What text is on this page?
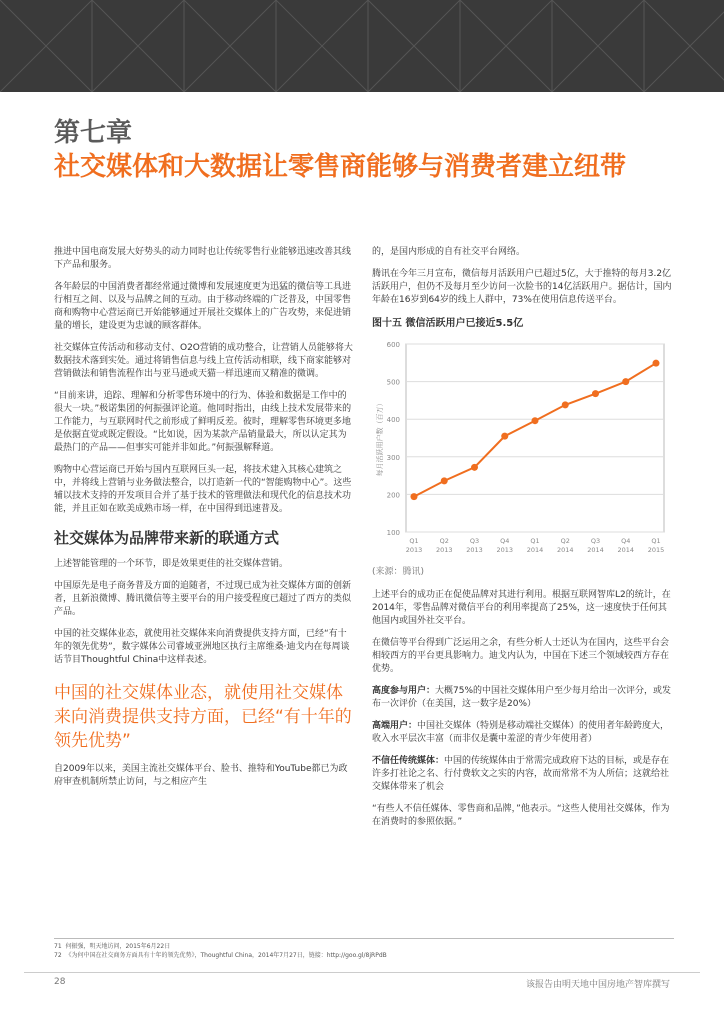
第七章
社交媒体和大数据让零售商能够与消费者建立纽带

推进中国电商发展大好势头的动力同时也让传统零售行业能够迅速改善其线下产品和服务。

各年龄层的中国消费者都经常通过微博和发展速度更为迅猛的微信等工具进行相互之间、以及与品牌之间的互动。由于移动终端的广泛普及，中国零售商和购物中心营运商已开始能够通过开展社交媒体上的广告攻势，来促进销量的增长，建设更为忠诚的顾客群体。

社交媒体宣传活动和移动支付、O2O营销的成功整合，让营销人员能够将大数据技术落到实处。通过将销售信息与线上宣传活动相联，线下商家能够对营销做法和销售流程作出与亚马逊或天猫一样迅速而又精准的微调。

“目前来讲，追踪、理解和分析零售环境中的行为、体验和数据是工作中的很大一块。”极诺集团的何振强评论道。他同时指出，由线上技术发展带来的工作能力，与互联网时代之前形成了鲜明反差。彼时，理解零售环境更多地是依据直觉或既定假设。“比如说，因为某款产品销量最大，所以认定其为最热门的产品——但事实可能并非如此。”何振强解释道。

购物中心营运商已开始与国内互联网巨头一起，将技术建入其核心建筑之中，并将线上营销与业务做法整合，以打造新一代的“智能购物中心”。这些辅以技术支持的开发项目合并了基于技术的管理做法和现代化的信息技术功能，并且正如在欧美成熟市场一样，在中国得到迅速普及。

社交媒体为品牌带来新的联通方式

上述智能管理的一个环节，即是效果更佳的社交媒体营销。

中国原先是电子商务普及方面的追随者，不过现已成为社交媒体方面的创新者，且新浪微博、腾讯微信等主要平台的用户接受程度已超过了西方的类似产品。

中国的社交媒体业态，就使用社交媒体来向消费提供支持方面，已经“有十年的领先优势”，数字媒体公司睿域亚洲地区执行主席维桑·迪戈内在每周谈话节目Thoughtful China中这样表述。

中国的社交媒体业态，就使用社交媒体来向消费提供支持方面，已经“有十年的领先优势”

自2009年以来，美国主流社交媒体平台、脸书、推特和YouTube都已为政府审查机制所禁止访问，与之相应产生

的，是国内形成的自有社交平台网络。

腾讯在今年三月宣布，微信每月活跃用户已超过5亿，大于推特的每月3.2亿活跃用户，但仍不及每月至少访问一次脸书的14亿活跃用户。据估计，国内年龄在16岁到64岁的线上人群中，73%在使用信息传送平台。

图十五 微信活跃用户已接近5.5亿
100
200
300
400
500
600
Q1
2013
Q2
2013
Q3
2013
Q4
2013
Q1
2014
Q2
2014
Q3
2014
Q4
2014
Q1
2015
每月活跃用户数（百万）
(来源：腾讯)

上述平台的成功正在促使品牌对其进行利用。根据互联网智库L2的统计，在2014年，零售品牌对微信平台的利用率提高了25%，这一速度快于任何其他国内或国外社交平台。

在微信等平台得到广泛运用之余，有些分析人士还认为在国内，这些平台会相较西方的平台更具影响力。迪戈内认为，中国在下述三个领域较西方存在优势。

高度参与用户：大概75%的中国社交媒体用户至少每月给出一次评分，或发布一次评价（在美国，这一数字是20%）

高端用户：中国社交媒体（特别是移动端社交媒体）的使用者年龄跨度大，收入水平层次丰富（而非仅是囊中羞涩的青少年使用者）

不信任传统媒体：中国的传统媒体由于常需完成政府下达的目标，或是存在许多打社论之名、行付费软文之实的内容，故而常常不为人所信；这就给社交媒体带来了机会

“有些人不信任媒体、零售商和品牌，”他表示。“这些人使用社交媒体，作为在消费时的参照依据。”

71 何振强，明天地访问，2015年6月22日
72 《为何中国在社交商务方面具有十年的领先优势》，Thoughtful China，2014年7月27日，链接：http://goo.gl/8jRPdB
28	该报告由明天地中国房地产智库撰写
